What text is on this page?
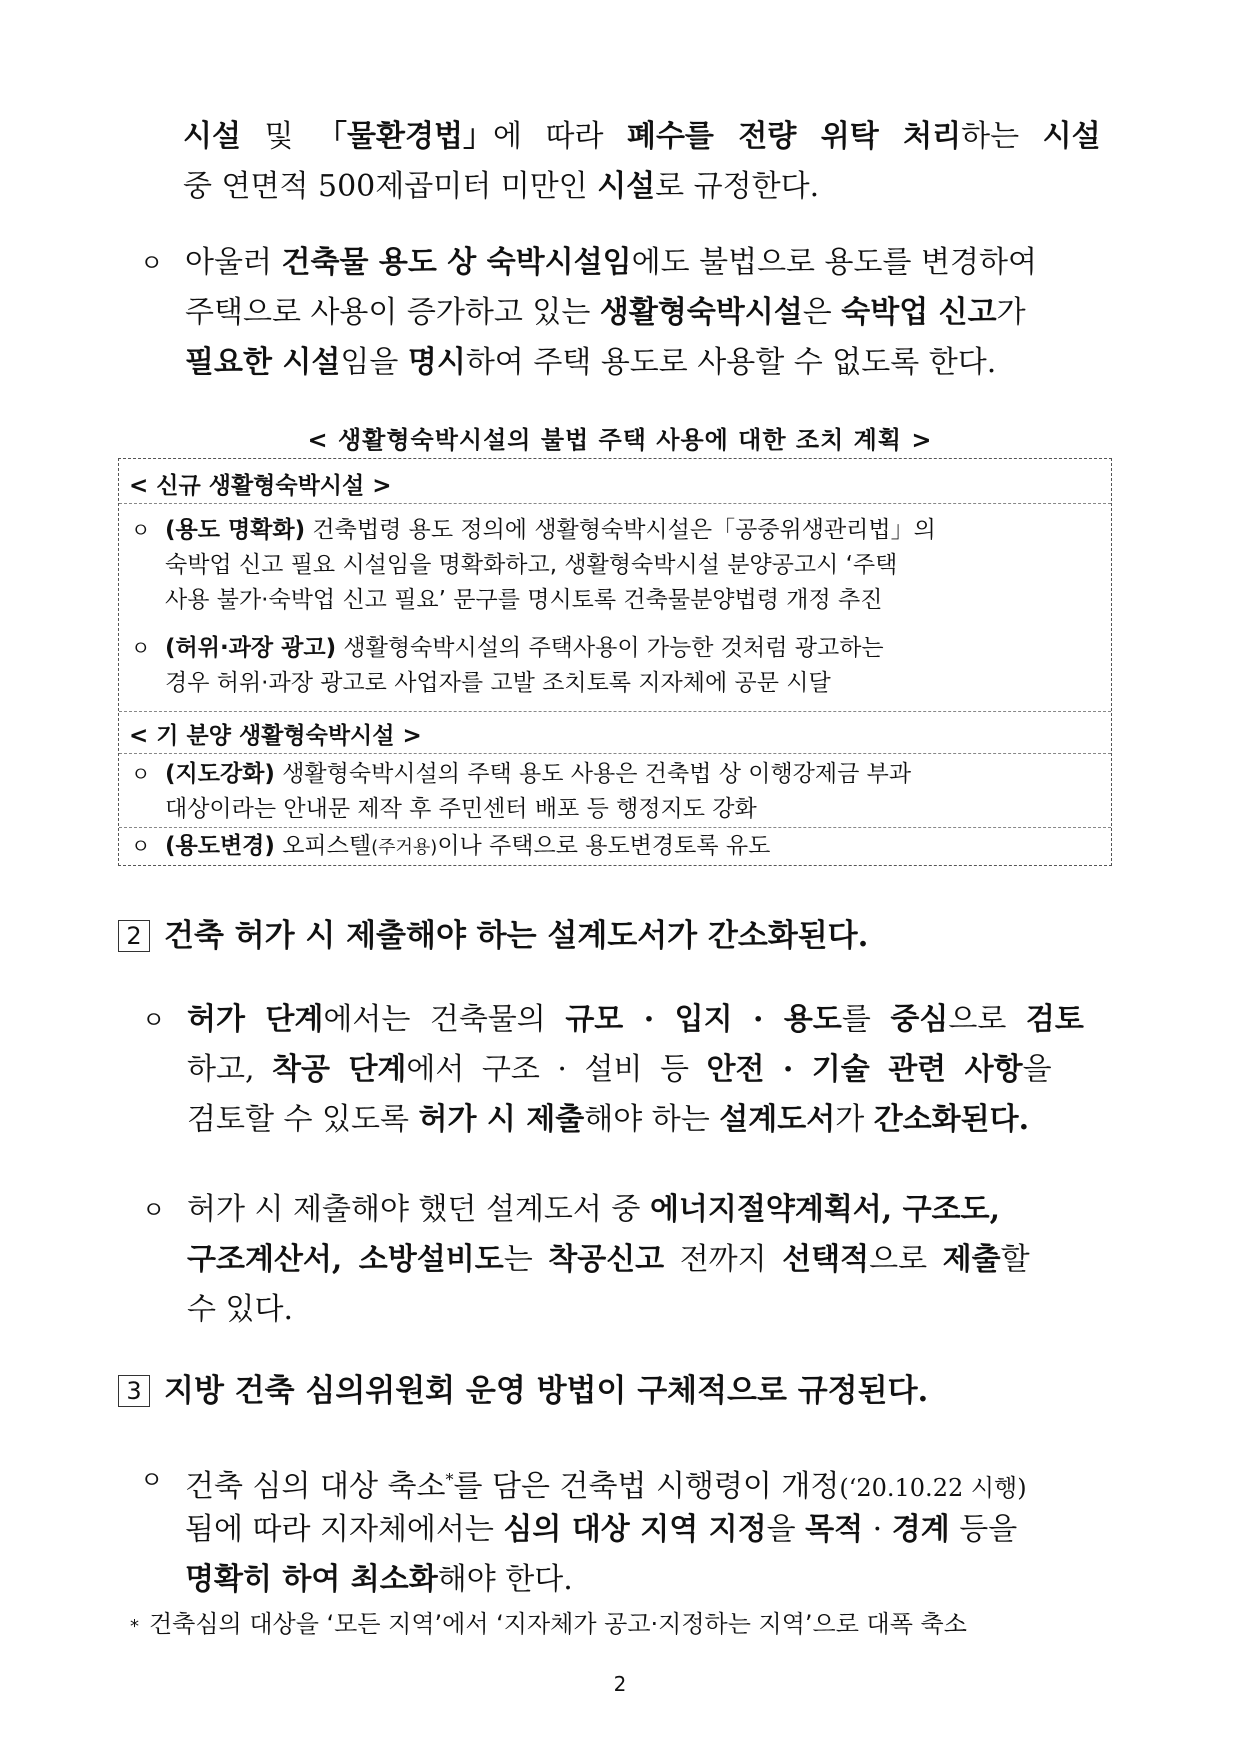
시설 및 「물환경법」에 따라 폐수를 전량 위탁 처리하는 시설
중 연면적 500제곱미터 미만인 시설로 규정한다.
ㅇ 아울러 건축물 용도 상 숙박시설임에도 불법으로 용도를 변경하여
주택으로 사용이 증가하고 있는 생활형숙박시설은 숙박업 신고가
필요한 시설임을 명시하여 주택 용도로 사용할 수 없도록 한다.
< 생활형숙박시설의 불법 주택 사용에 대한 조치 계획 >
< 신규 생활형숙박시설 >
ㅇ (용도 명확화) 건축법령 용도 정의에 생활형숙박시설은「공중위생관리법」의
숙박업 신고 필요 시설임을 명확화하고, 생활형숙박시설 분양공고시 ‘주택
사용 불가·숙박업 신고 필요’ 문구를 명시토록 건축물분양법령 개정 추진
ㅇ (허위·과장 광고) 생활형숙박시설의 주택사용이 가능한 것처럼 광고하는
경우 허위·과장 광고로 사업자를 고발 조치토록 지자체에 공문 시달
< 기 분양 생활형숙박시설 >
ㅇ (지도강화) 생활형숙박시설의 주택 용도 사용은 건축법 상 이행강제금 부과
대상이라는 안내문 제작 후 주민센터 배포 등 행정지도 강화
ㅇ (용도변경) 오피스텔(주거용)이나 주택으로 용도변경토록 유도
2 건축 허가 시 제출해야 하는 설계도서가 간소화된다.
ㅇ 허가 단계에서는 건축물의 규모 · 입지 · 용도를 중심으로 검토
하고, 착공 단계에서 구조 · 설비 등 안전 · 기술 관련 사항을
검토할 수 있도록 허가 시 제출해야 하는 설계도서가 간소화된다.
ㅇ 허가 시 제출해야 했던 설계도서 중 에너지절약계획서, 구조도,
구조계산서, 소방설비도는 착공신고 전까지 선택적으로 제출할
수 있다.
3 지방 건축 심의위원회 운영 방법이 구체적으로 규정된다.
ㅇ 건축 심의 대상 축소*를 담은 건축법 시행령이 개정(‘20.10.22 시행)
됨에 따라 지자체에서는 심의 대상 지역 지정을 목적 · 경계 등을
명확히 하여 최소화해야 한다.
* 건축심의 대상을 ‘모든 지역’에서 ‘지자체가 공고·지정하는 지역’으로 대폭 축소
2
